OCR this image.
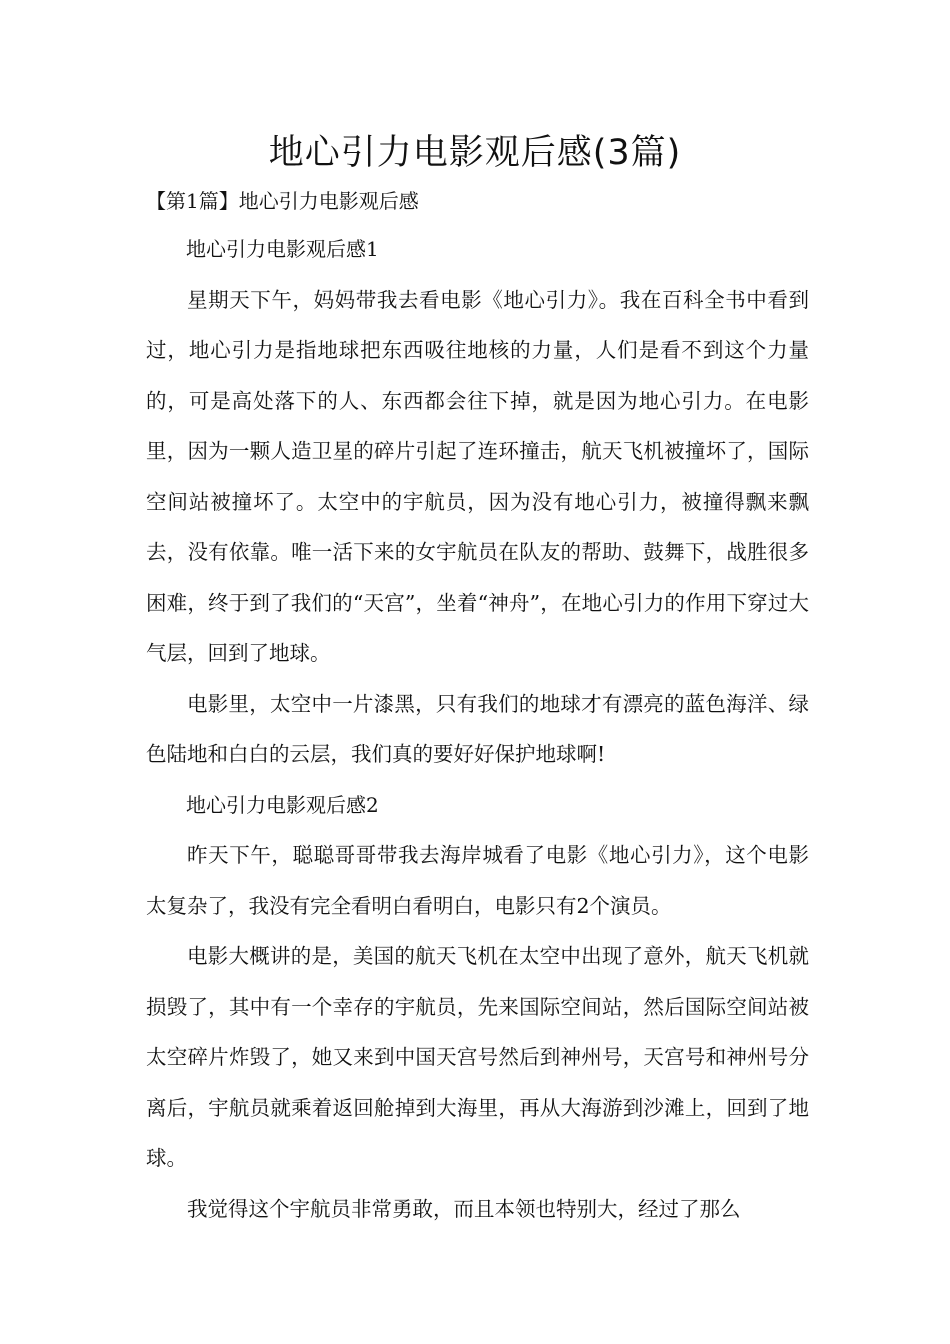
地心引力电影观后感(3篇)
【第1篇】地心引力电影观后感

地心引力电影观后感1

星期天下午，妈妈带我去看电影《地心引力》。我在百科全书中看到过，地心引力是指地球把东西吸往地核的力量，人们是看不到这个力量的，可是高处落下的人、东西都会往下掉，就是因为地心引力。在电影里，因为一颗人造卫星的碎片引起了连环撞击，航天飞机被撞坏了，国际空间站被撞坏了。太空中的宇航员，因为没有地心引力，被撞得飘来飘去，没有依靠。唯一活下来的女宇航员在队友的帮助、鼓舞下，战胜很多困难，终于到了我们的“天宫”，坐着“神舟”，在地心引力的作用下穿过大气层，回到了地球。

电影里，太空中一片漆黑，只有我们的地球才有漂亮的蓝色海洋、绿色陆地和白白的云层，我们真的要好好保护地球啊!

地心引力电影观后感2

昨天下午，聪聪哥哥带我去海岸城看了电影《地心引力》，这个电影太复杂了，我没有完全看明白看明白，电影只有2个演员。

电影大概讲的是，美国的航天飞机在太空中出现了意外，航天飞机就损毁了，其中有一个幸存的宇航员，先来国际空间站，然后国际空间站被太空碎片炸毁了，她又来到中国天宫号然后到神州号，天宫号和神州号分离后，宇航员就乘着返回舱掉到大海里，再从大海游到沙滩上，回到了地球。

我觉得这个宇航员非常勇敢，而且本领也特别大，经过了那么
